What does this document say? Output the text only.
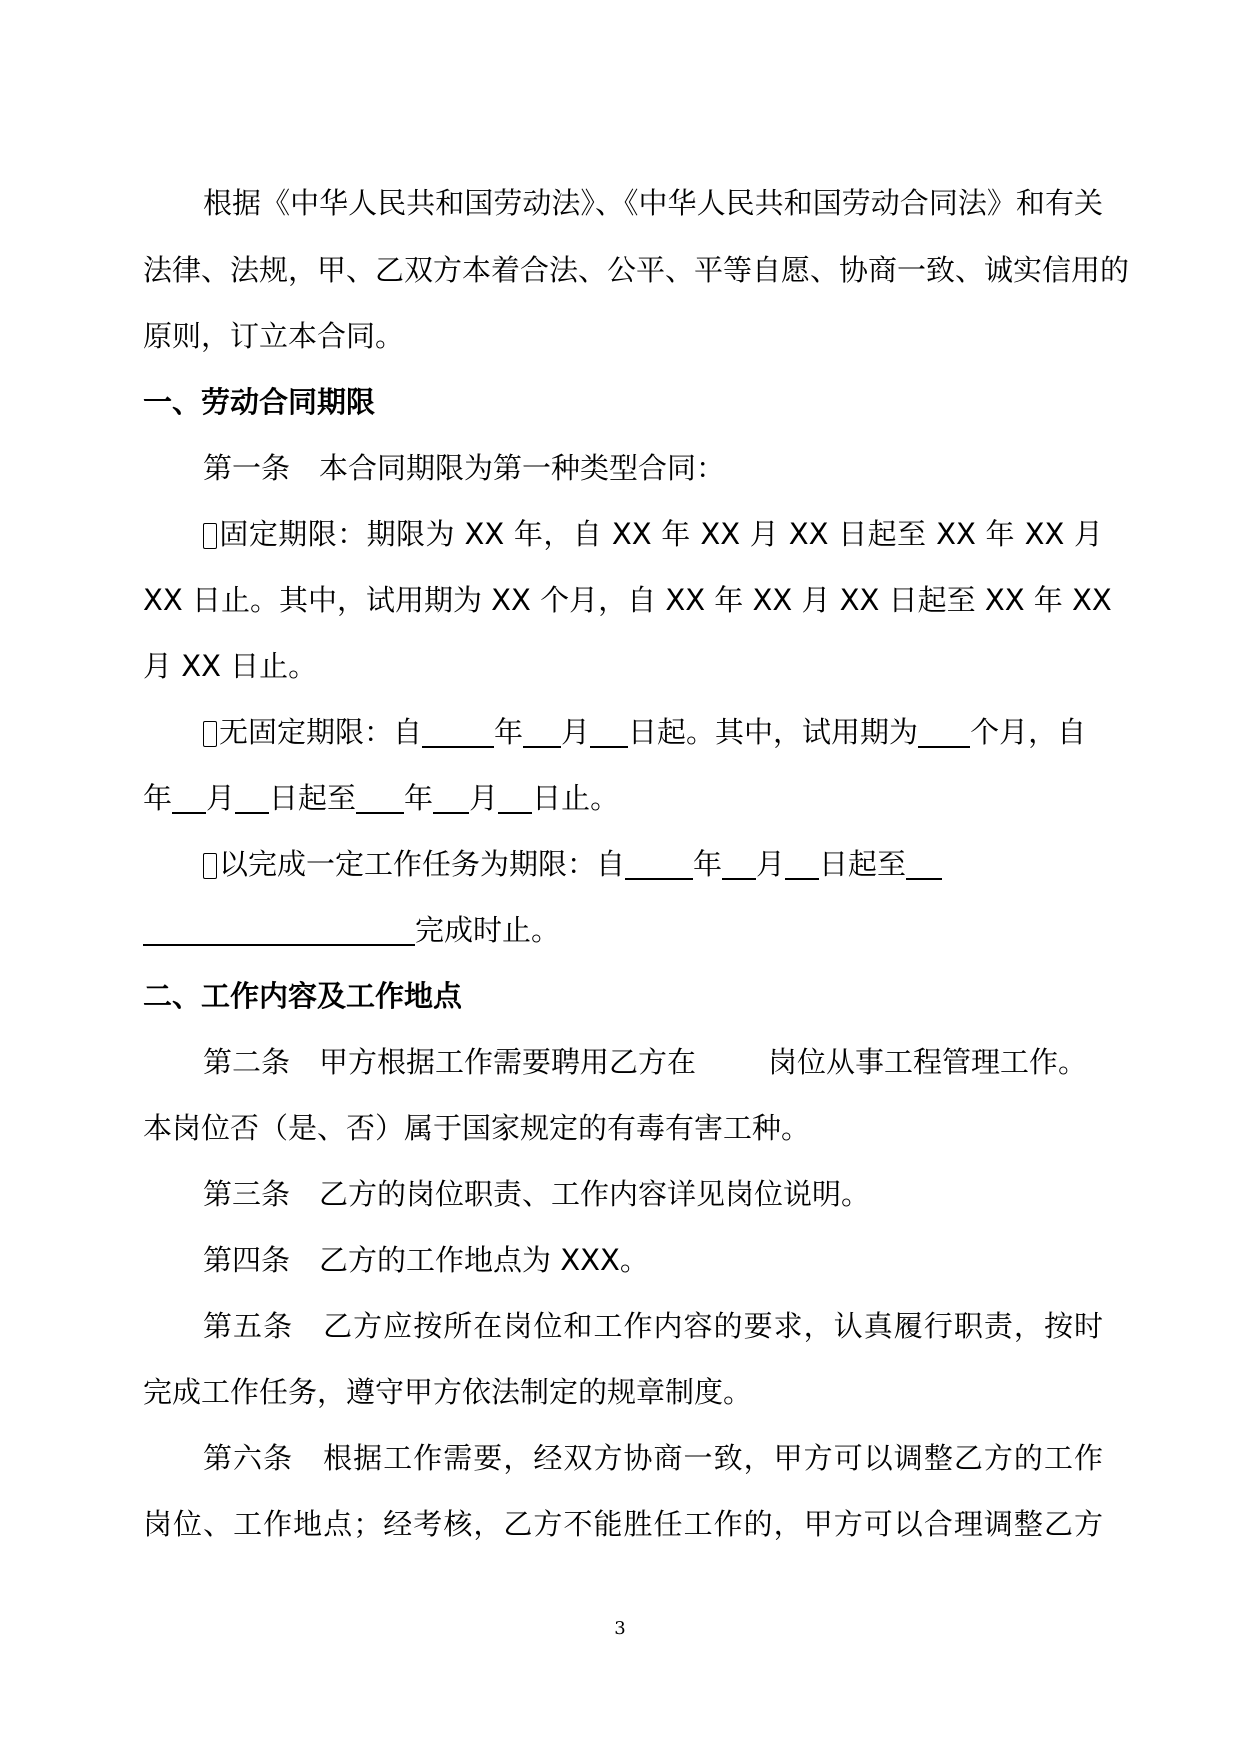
根据《中华人民共和国劳动法》、《中华人民共和国劳动合同法》和有关
法律、法规，甲、乙双方本着合法、公平、平等自愿、协商一致、诚实信用的
原则，订立本合同。
一、劳动合同期限
第一条　本合同期限为第一种类型合同：
固定期限：期限为 XX 年，自 XX 年 XX 月 XX 日起至 XX 年 XX 月
XX 日止。其中，试用期为 XX 个月，自 XX 年 XX 月 XX 日起至 XX 年 XX
月 XX 日止。
无固定期限：自 年 月 日起。其中，试用期为 个月，自
年 月 日起至 年 月 日止。
以完成一定工作任务为期限：自 年 月 日起至
完成时止。
二、工作内容及工作地点
第二条　甲方根据工作需要聘用乙方在 岗位从事工程管理工作。
本岗位否（是、否）属于国家规定的有毒有害工种。
第三条　乙方的岗位职责、工作内容详见岗位说明。
第四条　乙方的工作地点为 XXX。
第五条　乙方应按所在岗位和工作内容的要求，认真履行职责，按时
完成工作任务，遵守甲方依法制定的规章制度。
第六条　根据工作需要，经双方协商一致，甲方可以调整乙方的工作
岗位、工作地点；经考核，乙方不能胜任工作的，甲方可以合理调整乙方
3
